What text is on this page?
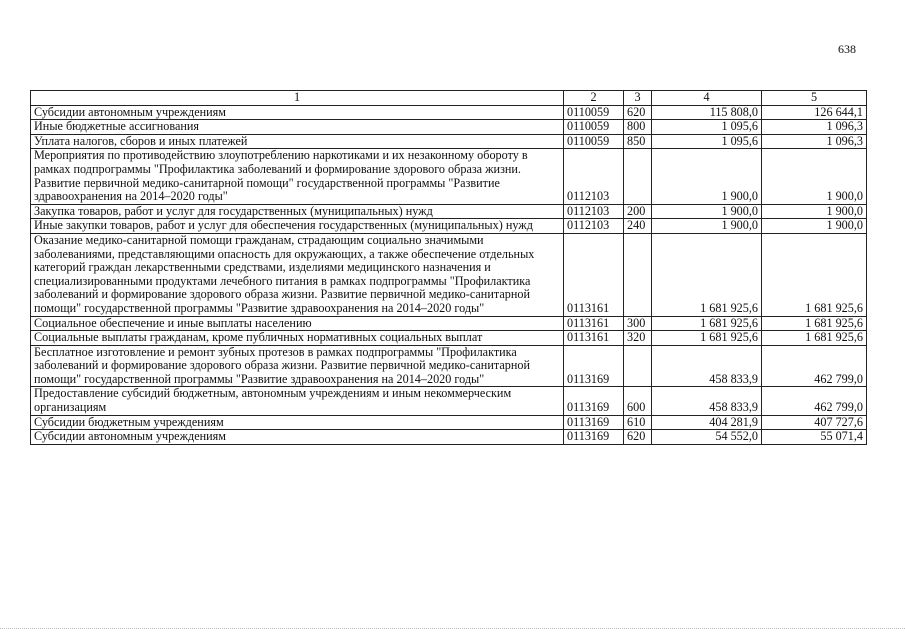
638
1	2	3	4	5
Субсидии автономным учреждениям	0110059	620	115 808,0	126 644,1
Иные бюджетные ассигнования	0110059	800	1 095,6	1 096,3
Уплата налогов, сборов и иных платежей	0110059	850	1 095,6	1 096,3
Мероприятия по противодействию злоупотреблению наркотиками и их незаконному обороту в рамках подпрограммы "Профилактика заболеваний и формирование здорового образа жизни. Развитие первичной медико-санитарной помощи" государственной программы "Развитие здравоохранения на 2014–2020 годы"	0112103		1 900,0	1 900,0
Закупка товаров, работ и услуг для государственных (муниципальных) нужд	0112103	200	1 900,0	1 900,0
Иные закупки товаров, работ и услуг для обеспечения государственных (муниципальных) нужд	0112103	240	1 900,0	1 900,0
Оказание медико-санитарной помощи гражданам, страдающим социально значимыми заболеваниями, представляющими опасность для окружающих, а также обеспечение отдельных категорий граждан лекарственными средствами, изделиями медицинского назначения и специализированными продуктами лечебного питания в рамках подпрограммы "Профилактика заболеваний и формирование здорового образа жизни. Развитие первичной медико-санитарной помощи" государственной программы "Развитие здравоохранения на 2014–2020 годы"	0113161		1 681 925,6	1 681 925,6
Социальное обеспечение и иные выплаты населению	0113161	300	1 681 925,6	1 681 925,6
Социальные выплаты гражданам, кроме публичных нормативных социальных выплат	0113161	320	1 681 925,6	1 681 925,6
Бесплатное изготовление и ремонт зубных протезов в рамках подпрограммы "Профилактика заболеваний и формирование здорового образа жизни. Развитие первичной медико-санитарной помощи" государственной программы "Развитие здравоохранения на 2014–2020 годы"	0113169		458 833,9	462 799,0
Предоставление субсидий бюджетным, автономным учреждениям и иным некоммерческим организациям	0113169	600	458 833,9	462 799,0
Субсидии бюджетным учреждениям	0113169	610	404 281,9	407 727,6
Субсидии автономным учреждениям	0113169	620	54 552,0	55 071,4
